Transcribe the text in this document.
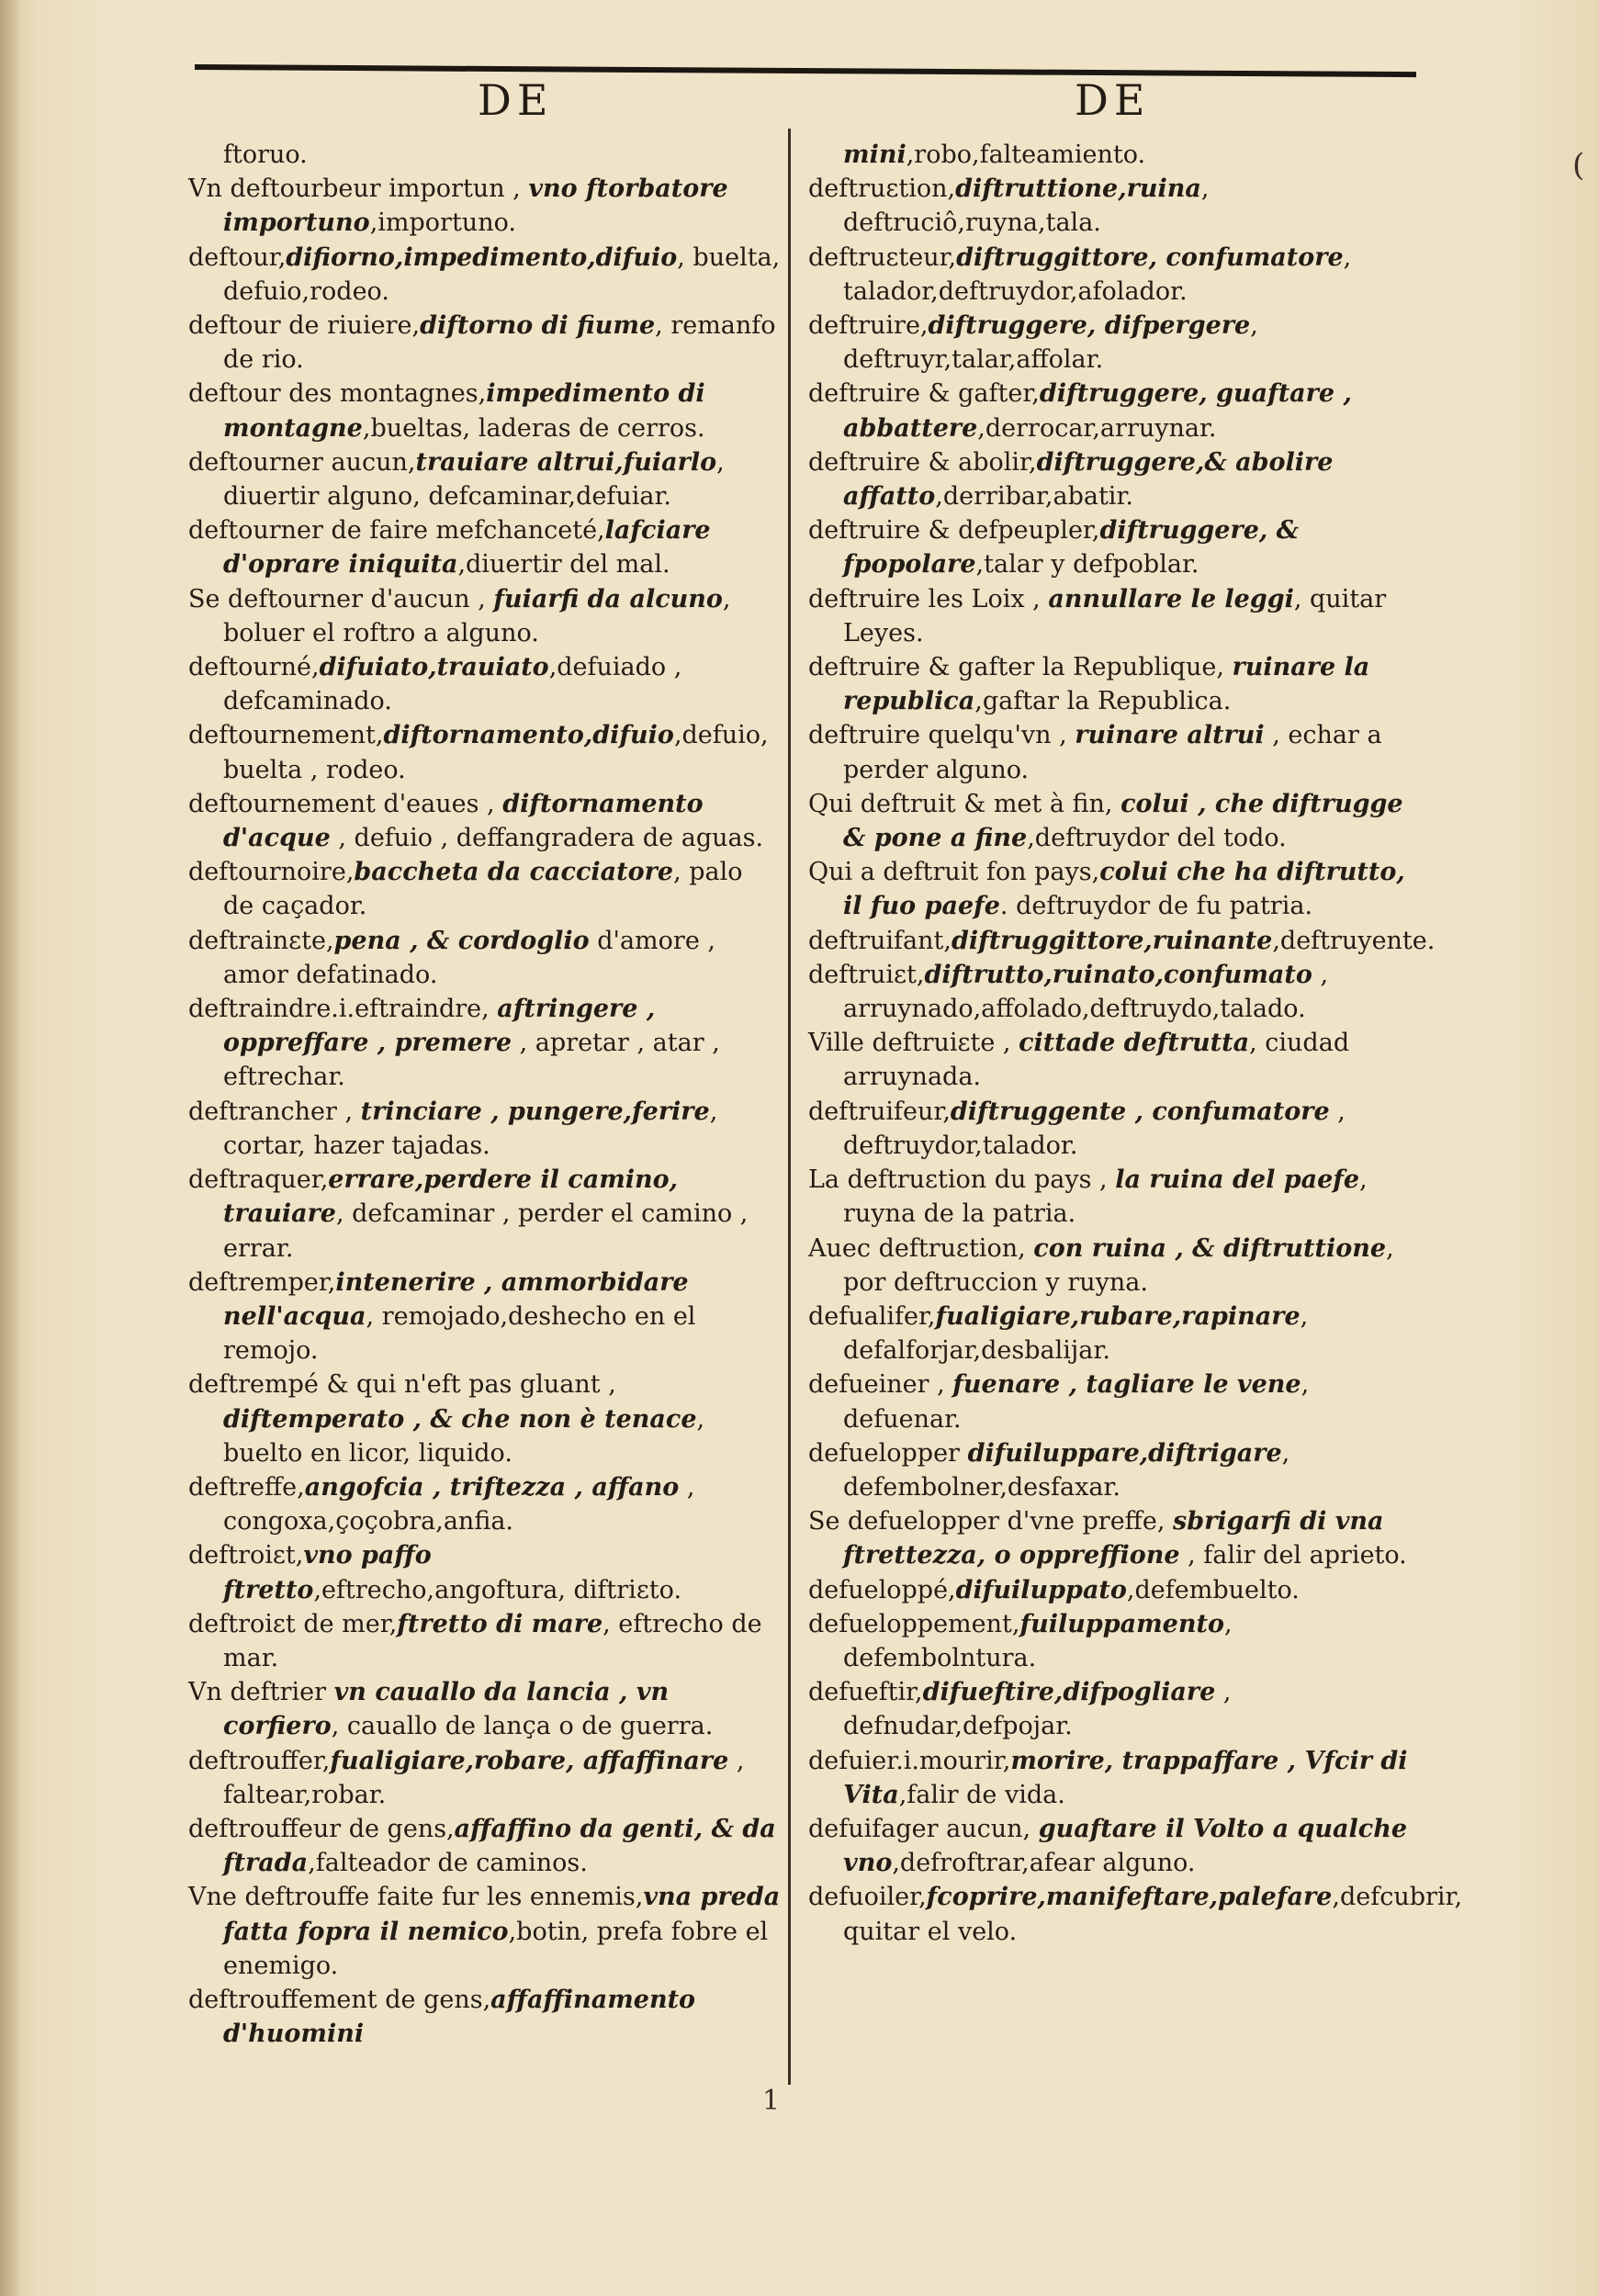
DE	DE
(

ftoruo.

Vn deftourbeur importun , vno ftorbatore importuno,importuno.

deftour,difiorno,impedimento,difuio, buelta, defuio,rodeo.

deftour de riuiere,diftorno di fiume, remanfo de rio.

deftour des montagnes,impedimento di montagne,bueltas, laderas de cerros.

deftourner aucun,trauiare altrui,fuiarlo, diuertir alguno, defcaminar,defuiar.

deftourner de faire mefchanceté,lafciare d'oprare iniquita,diuertir del mal.

Se deftourner d'aucun , fuiarfi da alcuno, boluer el roftro a alguno.

deftourné,difuiato,trauiato,defuiado , defcaminado.

deftournement,diftornamento,difuio,defuio, buelta , rodeo.

deftournement d'eaues , diftornamento d'acque , defuio , deffangradera de aguas.

deftournoire,baccheta da cacciatore, palo de caçador.

deftrainɛte,pena , & cordoglio d'amore , amor defatinado.

deftraindre.i.eftraindre, aftringere , oppreffare , premere , apretar , atar , eftrechar.

deftrancher , trinciare , pungere,ferire, cortar, hazer tajadas.

deftraquer,errare,perdere il camino, trauiare, defcaminar , perder el camino , errar.

deftremper,intenerire , ammorbidare nell'acqua, remojado,deshecho en el remojo.

deftrempé & qui n'eft pas gluant , diftemperato , & che non è tenace, buelto en licor, liquido.

deftreffe,angofcia , triftezza , affano , congoxa,çoçobra,anfia.

deftroiɛt,vno paffo ftretto,eftrecho,angoftura, diftriɛto.

deftroiɛt de mer,ftretto di mare, eftrecho de mar.

Vn deftrier vn cauallo da lancia , vn corfiero, cauallo de lança o de guerra.

deftrouffer,fualigiare,robare, affaffinare , faltear,robar.

deftrouffeur de gens,affaffino da genti, & da ftrada,falteador de caminos.

Vne deftrouffe faite fur les ennemis,vna preda fatta fopra il nemico,botin, prefa fobre el enemigo.

deftrouffement de gens,affaffinamento d'huomini

mini,robo,falteamiento.

deftruɛtion,diftruttione,ruina, deftruciô,ruyna,tala.

deftruɛteur,diftruggittore, confumatore, talador,deftruydor,afolador.

deftruire,diftruggere, difpergere, deftruyr,talar,affolar.

deftruire & gafter,diftruggere, guaftare , abbattere,derrocar,arruynar.

deftruire & abolir,diftruggere,& abolire affatto,derribar,abatir.

deftruire & defpeupler,diftruggere, & fpopolare,talar y defpoblar.

deftruire les Loix , annullare le leggi, quitar Leyes.

deftruire & gafter la Republique, ruinare la republica,gaftar la Republica.

deftruire quelqu'vn , ruinare altrui , echar a perder alguno.

Qui deftruit & met à fin, colui , che diftrugge & pone a fine,deftruydor del todo.

Qui a deftruit fon pays,colui che ha diftrutto, il fuo paefe. deftruydor de fu patria.

deftruifant,diftruggittore,ruinante,deftruyente.

deftruiɛt,diftrutto,ruinato,confumato , arruynado,affolado,deftruydo,talado.

Ville deftruiɛte , cittade deftrutta, ciudad arruynada.

deftruifeur,diftruggente , confumatore , deftruydor,talador.

La deftruɛtion du pays , la ruina del paefe, ruyna de la patria.

Auec deftruɛtion, con ruina , & diftruttione, por deftruccion y ruyna.

defualifer,fualigiare,rubare,rapinare, defalforjar,desbalijar.

defueiner , fuenare , tagliare le vene, defuenar.

defuelopper difuiluppare,diftrigare, defembolner,desfaxar.

Se defuelopper d'vne preffe, sbrigarfi di vna ftrettezza, o oppreffione , falir del aprieto.

defueloppé,difuiluppato,defembuelto.

defueloppement,fuiluppamento, defembolntura.

defueftir,difueftire,difpogliare , defnudar,defpojar.

defuier.i.mourir,morire, trappaffare , Vfcir di Vita,falir de vida.

defuifager aucun, guaftare il Volto a qualche vno,defroftrar,afear alguno.

defuoiler,fcoprire,manifeftare,palefare,defcubrir, quitar el velo.

1
